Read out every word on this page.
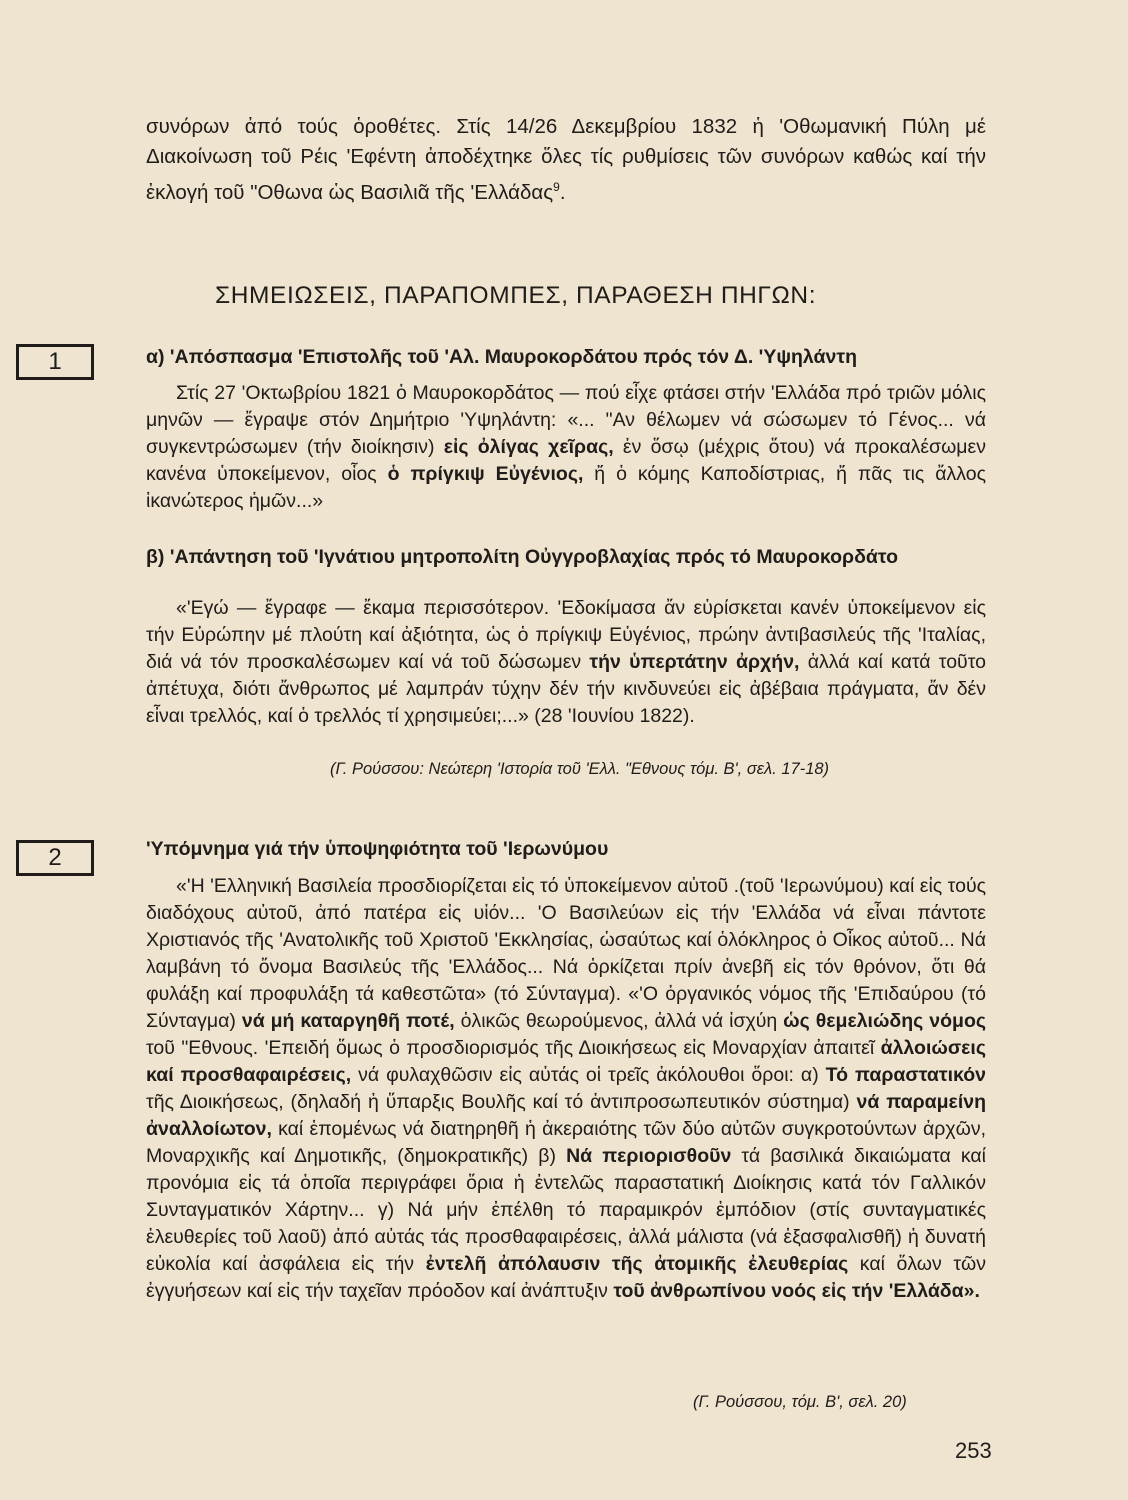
συνόρων ἀπό τούς ὁροθέτες. Στίς 14/26 Δεκεμβρίου 1832 ἡ 'Οθωμανική Πύλη μέ Διακοίνωση τοῦ Ρέις 'Εφέντη ἀποδέχτηκε ὅλες τίς ρυθμίσεις τῶν συνόρων καθώς καί τήν ἐκλογή τοῦ "Οθωνα ὡς Βασιλιᾶ τῆς 'Ελλάδας$^9$.
ΣΗΜΕΙΩΣΕΙΣ, ΠΑΡΑΠΟΜΠΕΣ, ΠΑΡΑΘΕΣΗ ΠΗΓΩΝ:
1	α) 'Απόσπασμα 'Επιστολῆς τοῦ 'Αλ. Μαυροκορδάτου πρός τόν Δ. 'Υψηλάντη
Στίς 27 'Οκτωβρίου 1821 ὁ Μαυροκορδάτος — πού εἶχε φτάσει στήν 'Ελλάδα πρό τριῶν μόλις μηνῶν — ἔγραψε στόν Δημήτριο 'Υψηλάντη: «... "Αν θέλωμεν νά σώσωμεν τό Γένος... νά συγκεντρώσωμεν (τήν διοίκησιν) εἰς ὀλίγας χεῖρας, ἐν ὅσῳ (μέχρις ὅτου) νά προκαλέσωμεν κανένα ὑποκείμενον, οἷος ὁ πρίγκιψ Εὐγένιος, ἤ ὁ κόμης Καποδίστριας, ἤ πᾶς τις ἄλλος ἱκανώτερος ἡμῶν...»
β) 'Απάντηση τοῦ 'Ιγνάτιου μητροπολίτη Οὐγγροβλαχίας πρός τό Μαυροκορδάτο
«'Εγώ — ἔγραφε — ἔκαμα περισσότερον. 'Εδοκίμασα ἄν εὑρίσκεται κανέν ὑποκείμενον εἰς τήν Εὐρώπην μέ πλούτη καί ἀξιότητα, ὡς ὁ πρίγκιψ Εὐγένιος, πρώην ἀντιβασιλεύς τῆς 'Ιταλίας, διά νά τόν προσκαλέσωμεν καί νά τοῦ δώσωμεν τήν ὑπερτάτην ἀρχήν, ἀλλά καί κατά τοῦτο ἀπέτυχα, διότι ἄνθρωπος μέ λαμπράν τύχην δέν τήν κινδυνεύει εἰς ἀβέβαια πράγματα, ἄν δέν εἶναι τρελλός, καί ὁ τρελλός τί χρησιμεύει;...» (28 'Ιουνίου 1822).
(Γ. Ρούσσου: Νεώτερη 'Ιστορία τοῦ 'Ελλ. "Εθνους τόμ. Β', σελ. 17-18)
2	'Υπόμνημα γιά τήν ὑποψηφιότητα τοῦ 'Ιερωνύμου
«'Η 'Ελληνική Βασιλεία προσδιορίζεται εἰς τό ὑποκείμενον αὐτοῦ .(τοῦ 'Ιερωνύμου) καί εἰς τούς διαδόχους αὐτοῦ, ἀπό πατέρα εἰς υἱόν... 'Ο Βασιλεύων εἰς τήν 'Ελλάδα νά εἶναι πάντοτε Χριστιανός τῆς 'Ανατολικῆς τοῦ Χριστοῦ 'Εκκλησίας, ὡσαύτως καί ὁλόκληρος ὁ Οἶκος αὐτοῦ... Νά λαμβάνη τό ὄνομα Βασιλεύς τῆς 'Ελλάδος... Νά ὁρκίζεται πρίν ἀνεβῆ εἰς τόν θρόνον, ὅτι θά φυλάξη καί προφυλάξη τά καθεστῶτα» (τό Σύνταγμα). «'Ο ὀργανικός νόμος τῆς 'Επιδαύρου (τό Σύνταγμα) νά μή καταργηθῆ ποτέ, ὁλικῶς θεωρούμενος, ἀλλά νά ἰσχύη ὡς θεμελιώδης νόμος τοῦ "Εθνους. 'Επειδή ὅμως ὁ προσδιορισμός τῆς Διοικήσεως εἰς Μοναρχίαν ἀπαιτεῖ ἀλλοιώσεις καί προσθαφαιρέσεις, νά φυλαχθῶσιν εἰς αὐτάς οἱ τρεῖς ἀκόλουθοι ὅροι: α) Τό παραστατικόν τῆς Διοικήσεως, (δηλαδή ἡ ὕπαρξις Βουλῆς καί τό ἀντιπροσωπευτικόν σύστημα) νά παραμείνη ἀναλλοίωτον, καί ἑπομένως νά διατηρηθῆ ἡ ἀκεραιότης τῶν δύο αὐτῶν συγκροτούντων ἀρχῶν, Μοναρχικῆς καί Δημοτικῆς, (δημοκρατικῆς) β) Νά περιορισθοῦν τά βασιλικά δικαιώματα καί προνόμια εἰς τά ὁποῖα περιγράφει ὅρια ἡ ἐντελῶς παραστατική Διοίκησις κατά τόν Γαλλικόν Συνταγματικόν Χάρτην... γ) Νά μήν ἐπέλθη τό παραμικρόν ἐμπόδιον (στίς συνταγματικές ἐλευθερίες τοῦ λαοῦ) ἀπό αὐτάς τάς προσθαφαιρέσεις, ἀλλά μάλιστα (νά ἐξασφαλισθῆ) ἡ δυνατή εὐκολία καί ἀσφάλεια εἰς τήν ἐντελῆ ἀπόλαυσιν τῆς ἀτομικῆς ἐλευθερίας καί ὅλων τῶν ἐγγυήσεων καί εἰς τήν ταχεῖαν πρόοδον καί ἀνάπτυξιν τοῦ ἀνθρωπίνου νοός εἰς τήν 'Ελλάδα».
(Γ. Ρούσσου, τόμ. Β', σελ. 20)
253
